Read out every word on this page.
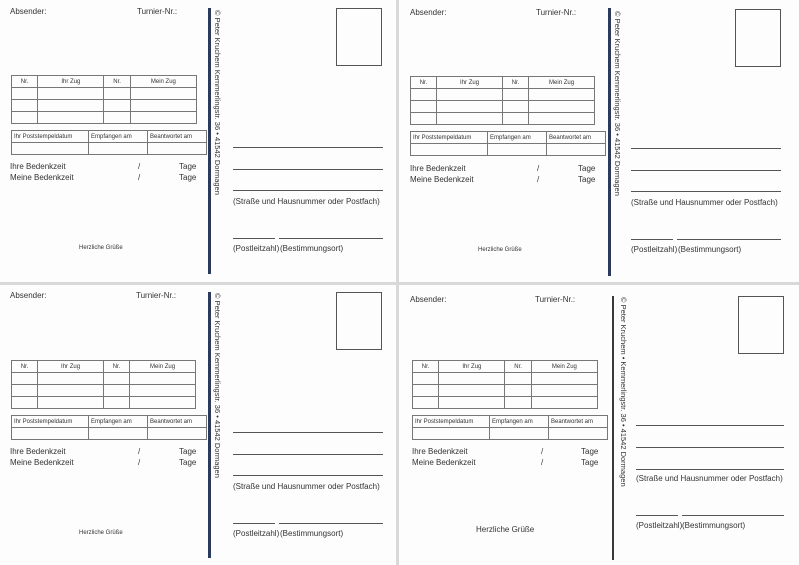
Absender:	Turnier-Nr.:
Nr.	Ihr Zug	Nr.	Mein Zug

Ihr Poststempeldatum	Empfangen am	Beantwortet am

Ihre Bedenkzeit	/	Tage
Meine Bedenkzeit	/	Tage
Herzliche Grüße
© Peter Kruchem Kemmerlingstr. 36 • 41542 Dormagen
(Straße und Hausnummer oder Postfach)
(Postleitzahl) (Bestimmungsort)
Absender:	Turnier-Nr.:
Nr.	Ihr Zug	Nr.	Mein Zug

Ihr Poststempeldatum	Empfangen am	Beantwortet am

Ihre Bedenkzeit	/	Tage
Meine Bedenkzeit	/	Tage
Herzliche Grüße
© Peter Kruchem Kemmerlingstr. 36 • 41542 Dormagen
(Straße und Hausnummer oder Postfach)
(Postleitzahl) (Bestimmungsort)
Absender:	Turnier-Nr.:
Nr.	Ihr Zug	Nr.	Mein Zug

Ihr Poststempeldatum	Empfangen am	Beantwortet am

Ihre Bedenkzeit	/	Tage
Meine Bedenkzeit	/	Tage
Herzliche Grüße
© Peter Kruchem Kemmerlingstr. 36 • 41542 Dormagen
(Straße und Hausnummer oder Postfach)
(Postleitzahl) (Bestimmungsort)
Absender:	Turnier-Nr.:
Nr.	Ihr Zug	Nr.	Mein Zug

Ihr Poststempeldatum	Empfangen am	Beantwortet am

Ihre Bedenkzeit	/	Tage
Meine Bedenkzeit	/	Tage
Herzliche Grüße
© Peter Kruchem • Kemmerlingstr. 36 • 41542 Dormagen (Straße und Hausnummer oder Postfach)
(Postleitzahl) (Bestimmungsort)
